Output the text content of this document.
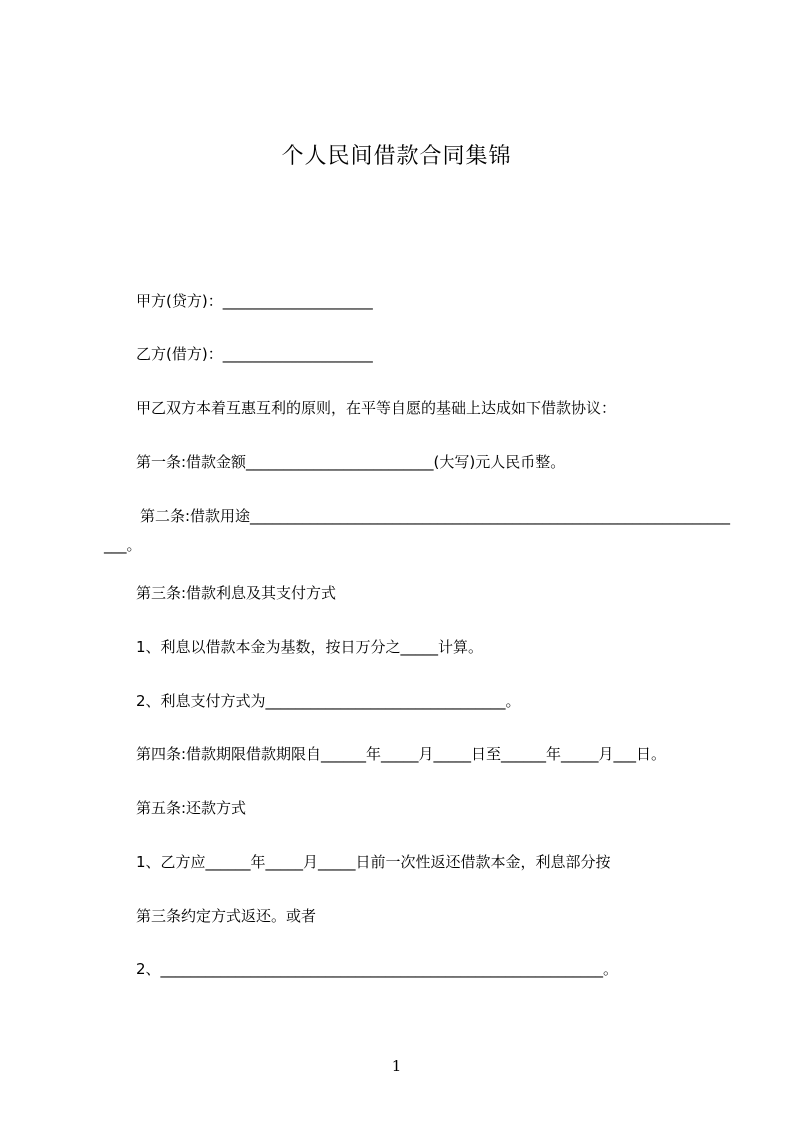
个人民间借款合同集锦

甲方(贷方)：____________________

乙方(借方)：____________________

甲乙双方本着互惠互利的原则，在平等自愿的基础上达成如下借款协议：

第一条:借款金额_________________________(大写)元人民币整。

第二条:借款用途________________________________________________________________

___。

第三条:借款利息及其支付方式

1、利息以借款本金为基数，按日万分之_____计算。

2、利息支付方式为________________________________。

第四条:借款期限借款期限自______年_____月_____日至______年_____月___日。

第五条:还款方式

1、乙方应______年_____月_____日前一次性返还借款本金，利息部分按

第三条约定方式返还。或者

2、___________________________________________________________。

1
